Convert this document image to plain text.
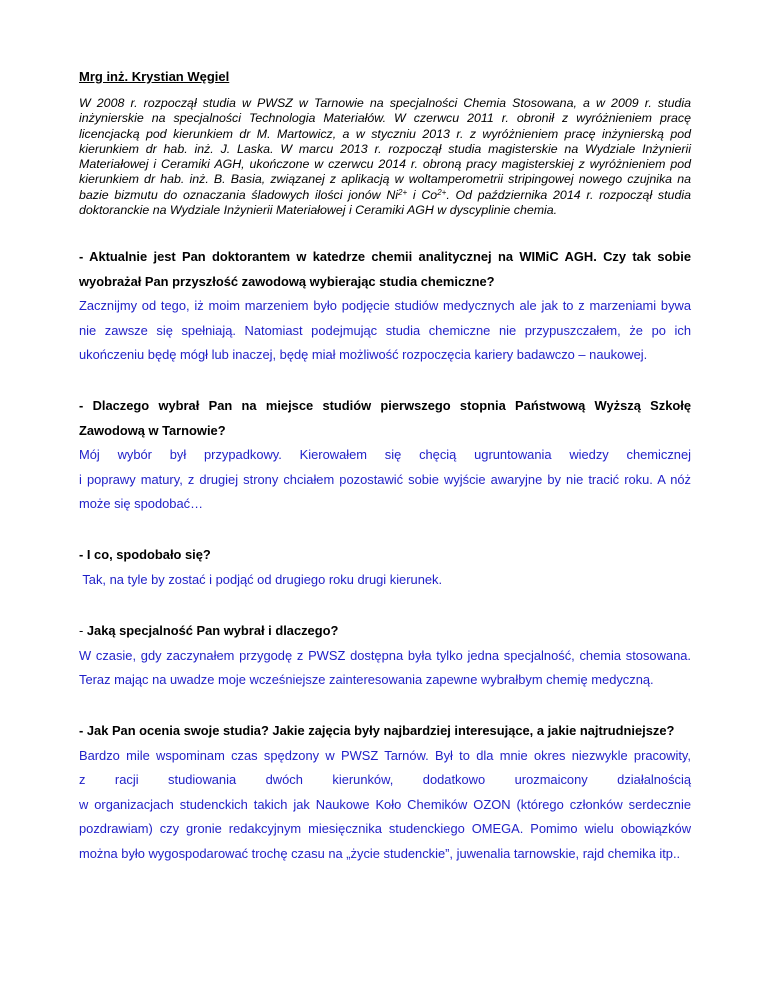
Mrg inż. Krystian Węgiel

W 2008 r. rozpoczął studia w PWSZ w Tarnowie na specjalności Chemia Stosowana, a w 2009 r. studia inżynierskie na specjalności Technologia Materiałów. W czerwcu 2011 r. obronił z wyróżnieniem pracę licencjacką pod kierunkiem dr M. Martowicz, a w styczniu 2013 r. z wyróżnieniem pracę inżynierską pod kierunkiem dr hab. inż. J. Laska. W marcu 2013 r. rozpoczął studia magisterskie na Wydziale Inżynierii Materiałowej i Ceramiki AGH, ukończone w czerwcu 2014 r. obroną pracy magisterskiej z wyróżnieniem pod kierunkiem dr hab. inż. B. Basia, związanej z aplikacją w woltamperometrii stripingowej nowego czujnika na bazie bizmutu do oznaczania śladowych ilości jonów $Ni^{2+}$ i $Co^{2+}$. Od października 2014 r. rozpoczął studia doktoranckie na Wydziale Inżynierii Materiałowej i Ceramiki AGH w dyscyplinie chemia.

- Aktualnie jest Pan doktorantem w katedrze chemii analitycznej na WIMiC AGH. Czy tak sobie wyobrażał Pan przyszłość zawodową wybierając studia chemiczne?

Zacznijmy od tego, iż moim marzeniem było podjęcie studiów medycznych ale jak to z marzeniami bywa nie zawsze się spełniają. Natomiast podejmując studia chemiczne nie przypuszczałem, że po ich ukończeniu będę mógł lub inaczej, będę miał możliwość rozpoczęcia kariery badawczo – naukowej.

- Dlaczego wybrał Pan na miejsce studiów pierwszego stopnia Państwową Wyższą Szkołę Zawodową w Tarnowie?

Mój wybór był przypadkowy. Kierowałem się chęcią ugruntowania wiedzy chemicznej

i poprawy matury, z drugiej strony chciałem pozostawić sobie wyjście awaryjne by nie tracić roku. A nóż może się spodobać…

- I co, spodobało się?

Tak, na tyle by zostać i podjąć od drugiego roku drugi kierunek.

- Jaką specjalność Pan wybrał i dlaczego?

W czasie, gdy zaczynałem przygodę z PWSZ dostępna była tylko jedna specjalność, chemia stosowana. Teraz mając na uwadze moje wcześniejsze zainteresowania zapewne wybrałbym chemię medyczną.

- Jak Pan ocenia swoje studia? Jakie zajęcia były najbardziej interesujące, a jakie najtrudniejsze?

Bardzo mile wspominam czas spędzony w PWSZ Tarnów. Był to dla mnie okres niezwykle pracowity,

z racji studiowania dwóch kierunków, dodatkowo urozmaicony działalnością

w organizacjach studenckich takich jak Naukowe Koło Chemików OZON (którego członków serdecznie pozdrawiam) czy gronie redakcyjnym miesięcznika studenckiego OMEGA. Pomimo wielu obowiązków można było wygospodarować trochę czasu na „życie studenckie”, juwenalia tarnowskie, rajd chemika itp..
